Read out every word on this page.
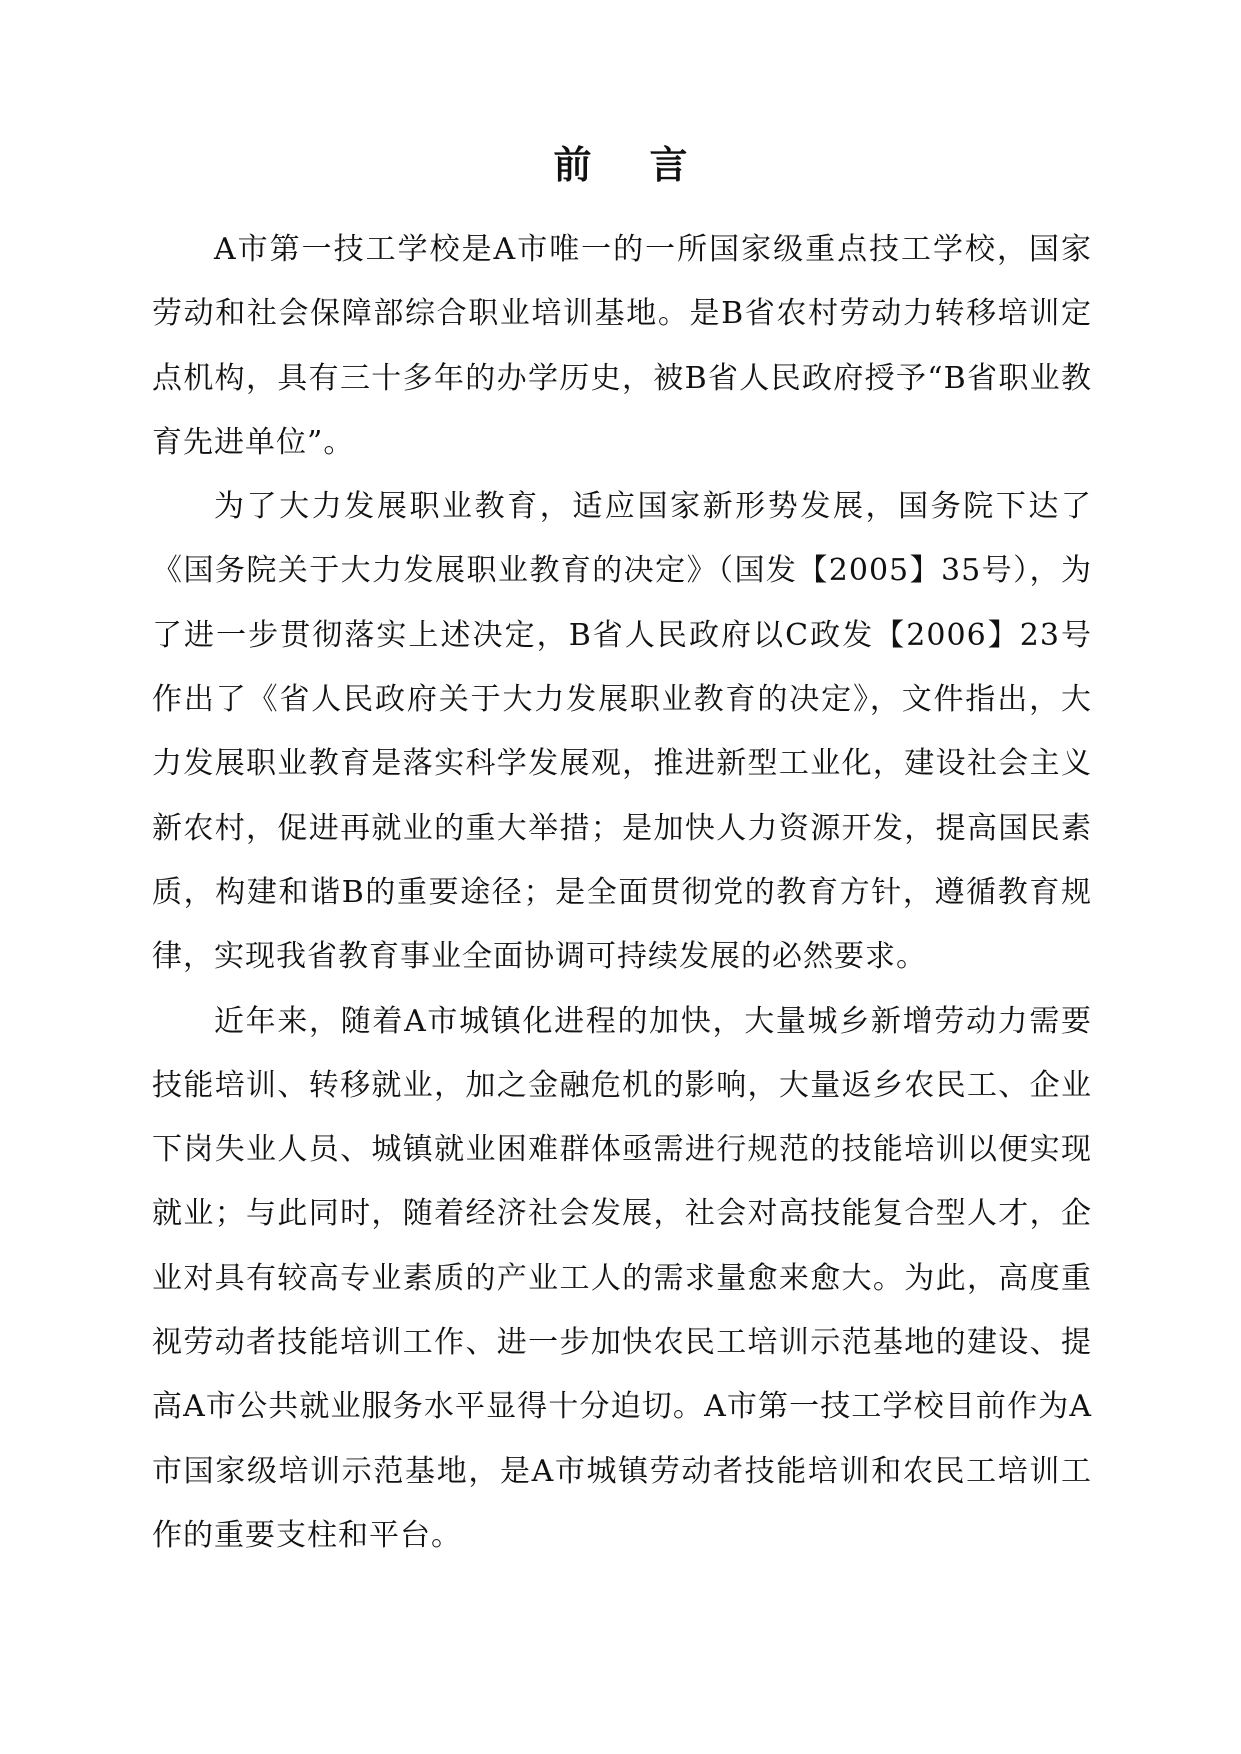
前言

A市第一技工学校是A市唯一的一所国家级重点技工学校，国家劳动和社会保障部综合职业培训基地。是B省农村劳动力转移培训定点机构，具有三十多年的办学历史，被B省人民政府授予“B省职业教育先进单位”。

为了大力发展职业教育，适应国家新形势发展，国务院下达了《国务院关于大力发展职业教育的决定》（国发【2005】35号），为了进一步贯彻落实上述决定，B省人民政府以C政发【2006】23号作出了《省人民政府关于大力发展职业教育的决定》，文件指出，大力发展职业教育是落实科学发展观，推进新型工业化，建设社会主义新农村，促进再就业的重大举措；是加快人力资源开发，提高国民素质，构建和谐B的重要途径；是全面贯彻党的教育方针，遵循教育规律，实现我省教育事业全面协调可持续发展的必然要求。

近年来，随着A市城镇化进程的加快，大量城乡新增劳动力需要技能培训、转移就业，加之金融危机的影响，大量返乡农民工、企业下岗失业人员、城镇就业困难群体亟需进行规范的技能培训以便实现就业；与此同时，随着经济社会发展，社会对高技能复合型人才，企业对具有较高专业素质的产业工人的需求量愈来愈大。为此，高度重视劳动者技能培训工作、进一步加快农民工培训示范基地的建设、提高A市公共就业服务水平显得十分迫切。A市第一技工学校目前作为A市国家级培训示范基地，是A市城镇劳动者技能培训和农民工培训工作的重要支柱和平台。
